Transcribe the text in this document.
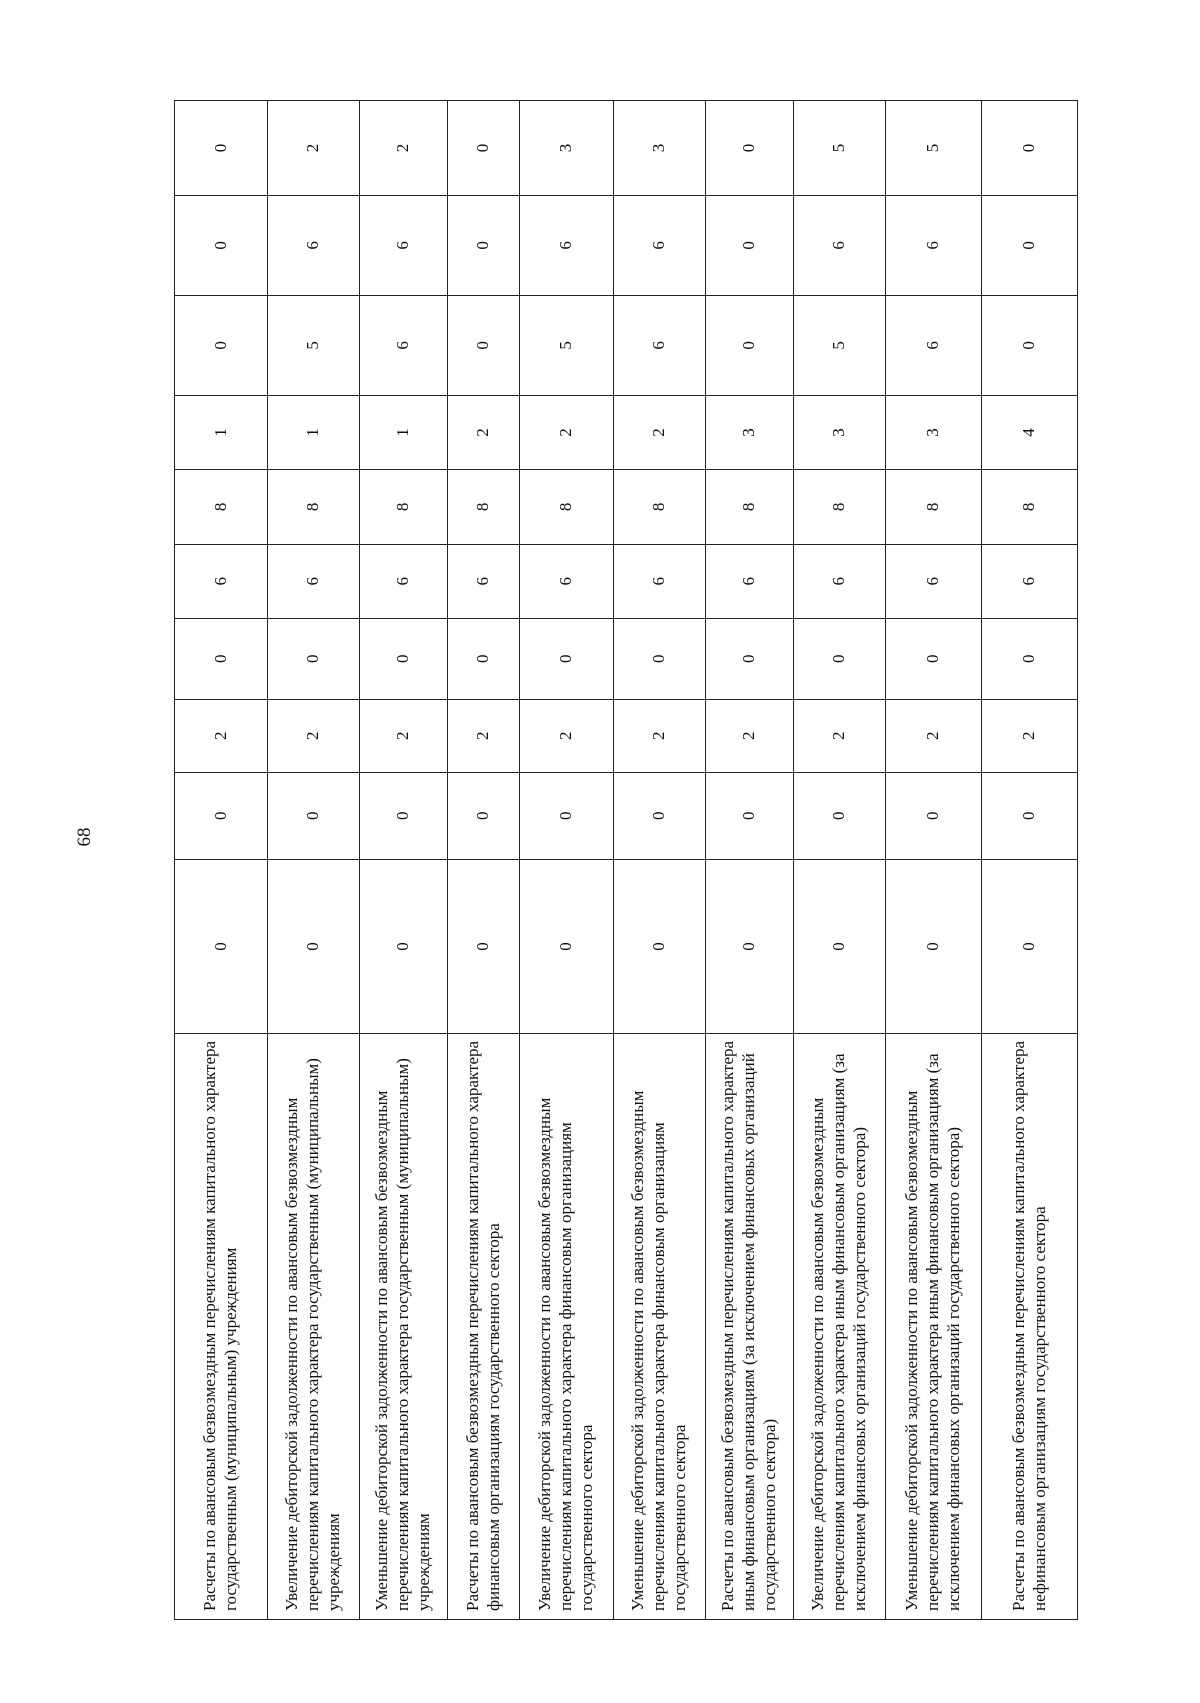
68
Расчеты по авансовым безвозмездным перечислениям капитального характера государственным (муниципальным) учреждениям	0	0	2	0	6	8	1	0	0	0
Увеличение дебиторской задолженности по авансовым безвозмездным перечислениям капитального характера государственным (муниципальным) учреждениям	0	0	2	0	6	8	1	5	6	2
Уменьшение дебиторской задолженности по авансовым безвозмездным перечислениям капитального характера государственным (муниципальным) учреждениям	0	0	2	0	6	8	1	6	6	2
Расчеты по авансовым безвозмездным перечислениям капитального характера финансовым организациям государственного сектора	0	0	2	0	6	8	2	0	0	0
Увеличение дебиторской задолженности по авансовым безвозмездным перечислениям капитального характера финансовым организациям государственного сектора	0	0	2	0	6	8	2	5	6	3
Уменьшение дебиторской задолженности по авансовым безвозмездным перечислениям капитального характера финансовым организациям государственного сектора	0	0	2	0	6	8	2	6	6	3
Расчеты по авансовым безвозмездным перечислениям капитального характера иным финансовым организациям (за исключением финансовых организаций государственного сектора)	0	0	2	0	6	8	3	0	0	0
Увеличение дебиторской задолженности по авансовым безвозмездным перечислениям капитального характера иным финансовым организациям (за исключением финансовых организаций государственного сектора)	0	0	2	0	6	8	3	5	6	5
Уменьшение дебиторской задолженности по авансовым безвозмездным перечислениям капитального характера иным финансовым организациям (за исключением финансовых организаций государственного сектора)	0	0	2	0	6	8	3	6	6	5
Расчеты по авансовым безвозмездным перечислениям капитального характера нефинансовым организациям государственного сектора	0	0	2	0	6	8	4	0	0	0
